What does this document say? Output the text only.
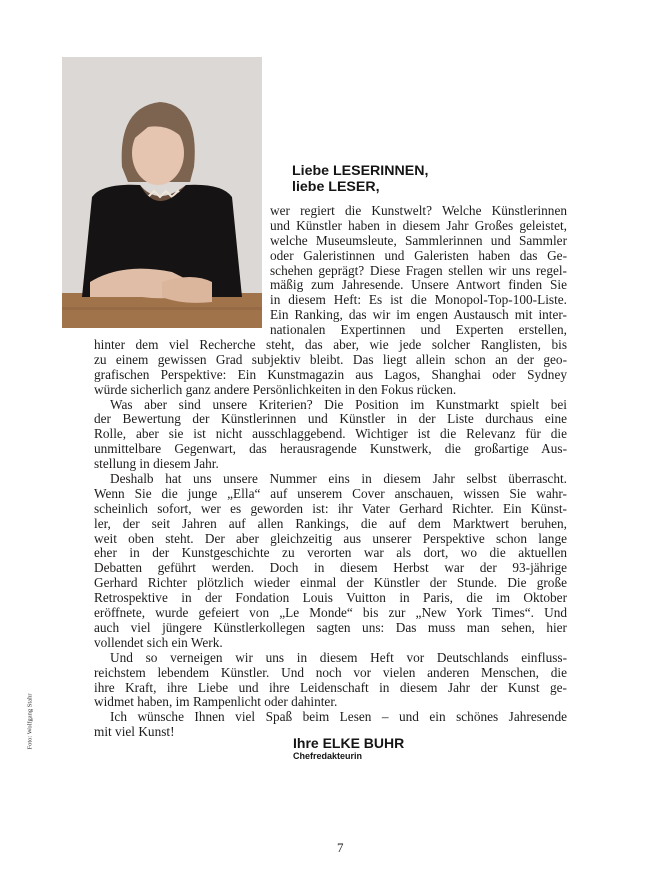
Liebe LESERINNEN,
liebe LESER,
wer regiert die Kunstwelt? Welche Künstlerinnen
und Künstler haben in diesem Jahr Großes geleistet,
welche Museumsleute, Sammlerinnen und Sammler
oder Galeristinnen und Galeristen haben das Ge-
schehen geprägt? Diese Fragen stellen wir uns regel-
mäßig zum Jahresende. Unsere Antwort finden Sie
in diesem Heft: Es ist die Monopol-Top-100-Liste.
Ein Ranking, das wir im engen Austausch mit inter-
nationalen Expertinnen und Experten erstellen,
hinter dem viel Recherche steht, das aber, wie jede solcher Ranglisten, bis
zu einem gewissen Grad subjektiv bleibt. Das liegt allein schon an der geo-
grafischen Perspektive: Ein Kunstmagazin aus Lagos, Shanghai oder Sydney
würde sicherlich ganz andere Persönlichkeiten in den Fokus rücken.
Was aber sind unsere Kriterien? Die Position im Kunstmarkt spielt bei
der Bewertung der Künstlerinnen und Künstler in der Liste durchaus eine
Rolle, aber sie ist nicht ausschlaggebend. Wichtiger ist die Relevanz für die
unmittelbare Gegenwart, das herausragende Kunstwerk, die großartige Aus-
stellung in diesem Jahr.
Deshalb hat uns unsere Nummer eins in diesem Jahr selbst überrascht.
Wenn Sie die junge „Ella“ auf unserem Cover anschauen, wissen Sie wahr-
scheinlich sofort, wer es geworden ist: ihr Vater Gerhard Richter. Ein Künst-
ler, der seit Jahren auf allen Rankings, die auf dem Marktwert beruhen,
weit oben steht. Der aber gleichzeitig aus unserer Perspektive schon lange
eher in der Kunstgeschichte zu verorten war als dort, wo die aktuellen
Debatten geführt werden. Doch in diesem Herbst war der 93-jährige
Gerhard Richter plötzlich wieder einmal der Künstler der Stunde. Die große
Retrospektive in der Fondation Louis Vuitton in Paris, die im Oktober
eröffnete, wurde gefeiert von „Le Monde“ bis zur „New York Times“. Und
auch viel jüngere Künstlerkollegen sagten uns: Das muss man sehen, hier
vollendet sich ein Werk.
Und so verneigen wir uns in diesem Heft vor Deutschlands einfluss-
reichstem lebendem Künstler. Und noch vor vielen anderen Menschen, die
ihre Kraft, ihre Liebe und ihre Leidenschaft in diesem Jahr der Kunst ge-
widmet haben, im Rampenlicht oder dahinter.
Ich wünsche Ihnen viel Spaß beim Lesen – und ein schönes Jahresende
mit viel Kunst!
Ihre ELKE BUHR
Chefredakteurin
Foto: Wolfgang Stahr
7
